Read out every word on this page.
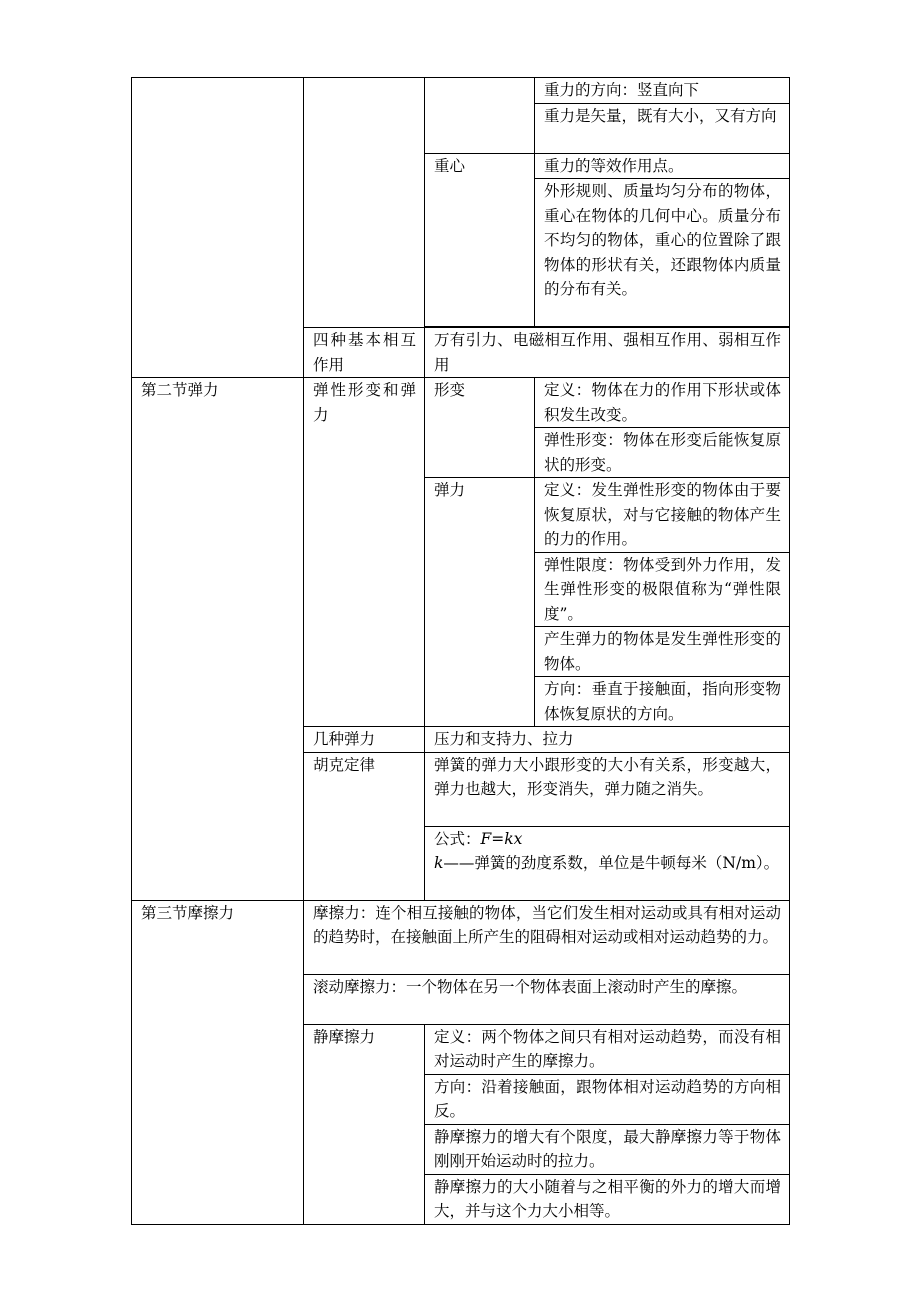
			重力的方向：竖直向下
			重力是矢量，既有大小，又有方向
		重心	重力的等效作用点。
			外形规则、质量均匀分布的物体，重心在物体的几何中心。质量分布不均匀的物体，重心的位置除了跟物体的形状有关，还跟物体内质量的分布有关。

	四种基本相互作用	万有引力、电磁相互作用、强相互作用、弱相互作用	
第二节弹力	弹性形变和弹力	形变	定义：物体在力的作用下形状或体积发生改变。
			弹性形变：物体在形变后能恢复原状的形变。
		弹力	定义：发生弹性形变的物体由于要恢复原状，对与它接触的物体产生的力的作用。
			弹性限度：物体受到外力作用，发生弹性形变的极限值称为“弹性限度”。
			产生弹力的物体是发生弹性形变的物体。
			方向：垂直于接触面，指向形变物体恢复原状的方向。
	几种弹力	压力和支持力、拉力	
	胡克定律	弹簧的弹力大小跟形变的大小有关系，形变越大，弹力也越大，形变消失，弹力随之消失。	
		公式：F=kx
k——弹簧的劲度系数，单位是牛顿每米（N/m）。	
第三节摩擦力	摩擦力：连个相互接触的物体，当它们发生相对运动或具有相对运动的趋势时，在接触面上所产生的阻碍相对运动或相对运动趋势的力。		
	滚动摩擦力：一个物体在另一个物体表面上滚动时产生的摩擦。		
	静摩擦力	定义：两个物体之间只有相对运动趋势，而没有相对运动时产生的摩擦力。	
		方向：沿着接触面，跟物体相对运动趋势的方向相反。	
		静摩擦力的增大有个限度，最大静摩擦力等于物体刚刚开始运动时的拉力。	
		静摩擦力的大小随着与之相平衡的外力的增大而增大，并与这个力大小相等。	
